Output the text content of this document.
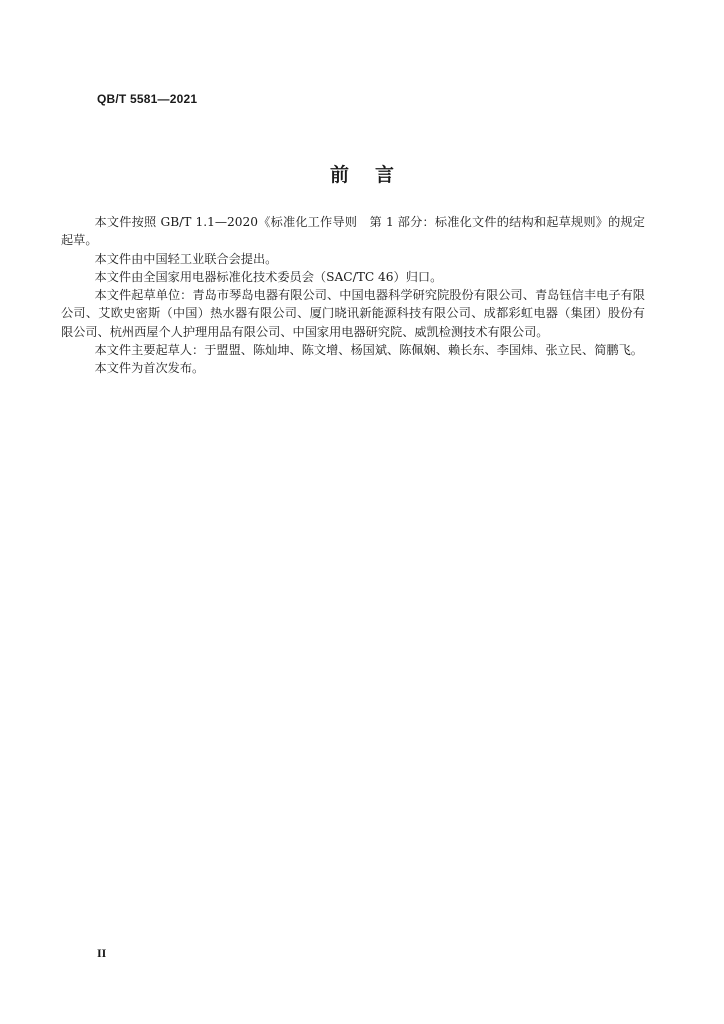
QB/T 5581—2021
前言

本文件按照 GB/T 1.1—2020《标准化工作导则　第 1 部分：标准化文件的结构和起草规则》的规定起草。

本文件由中国轻工业联合会提出。

本文件由全国家用电器标准化技术委员会（SAC/TC 46）归口。

本文件起草单位：青岛市琴岛电器有限公司、中国电器科学研究院股份有限公司、青岛钰信丰电子有限公司、艾欧史密斯（中国）热水器有限公司、厦门晓讯新能源科技有限公司、成都彩虹电器（集团）股份有限公司、杭州西屋个人护理用品有限公司、中国家用电器研究院、威凯检测技术有限公司。

本文件主要起草人：于盟盟、陈灿坤、陈文增、杨国斌、陈佩娴、赖长东、李国炜、张立民、简鹏飞。

本文件为首次发布。

II
